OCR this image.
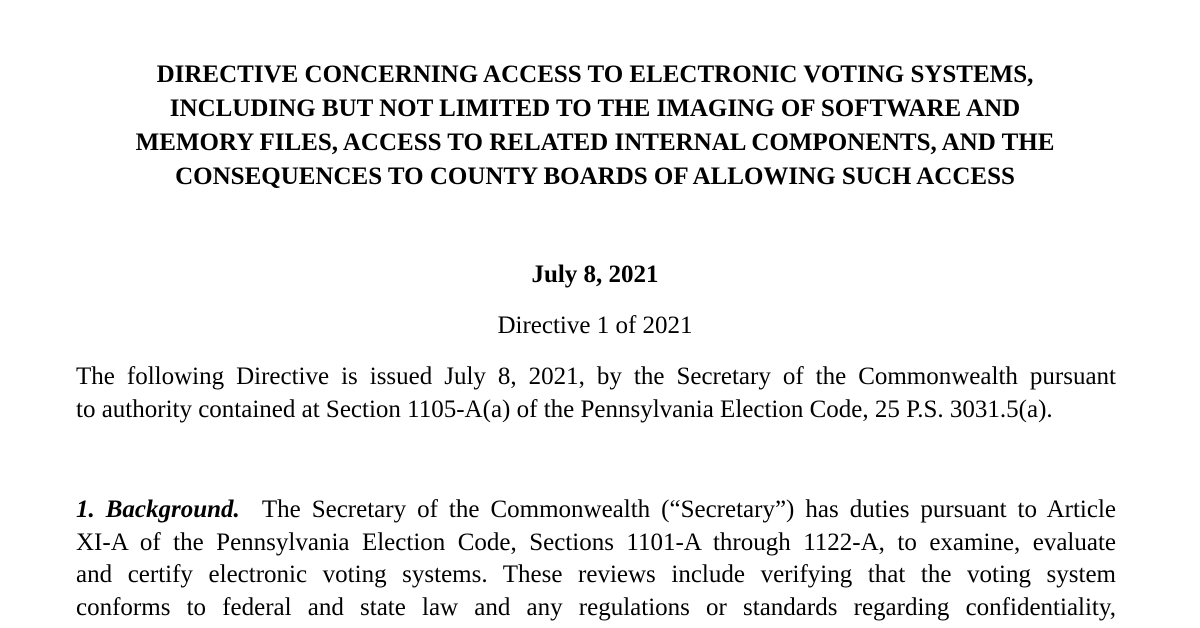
DIRECTIVE CONCERNING ACCESS TO ELECTRONIC VOTING SYSTEMS,
INCLUDING BUT NOT LIMITED TO THE IMAGING OF SOFTWARE AND
MEMORY FILES, ACCESS TO RELATED INTERNAL COMPONENTS, AND THE
CONSEQUENCES TO COUNTY BOARDS OF ALLOWING SUCH ACCESS

July 8, 2021

Directive 1 of 2021

The following Directive is issued July 8, 2021, by the Secretary of the Commonwealth pursuant
to authority contained at Section 1105-A(a) of the Pennsylvania Election Code, 25 P.S. 3031.5(a).

1. Background. The Secretary of the Commonwealth (“Secretary”) has duties pursuant to Article
XI-A of the Pennsylvania Election Code, Sections 1101-A through 1122-A, to examine, evaluate
and certify electronic voting systems. These reviews include verifying that the voting system
conforms to federal and state law and any regulations or standards regarding confidentiality,
